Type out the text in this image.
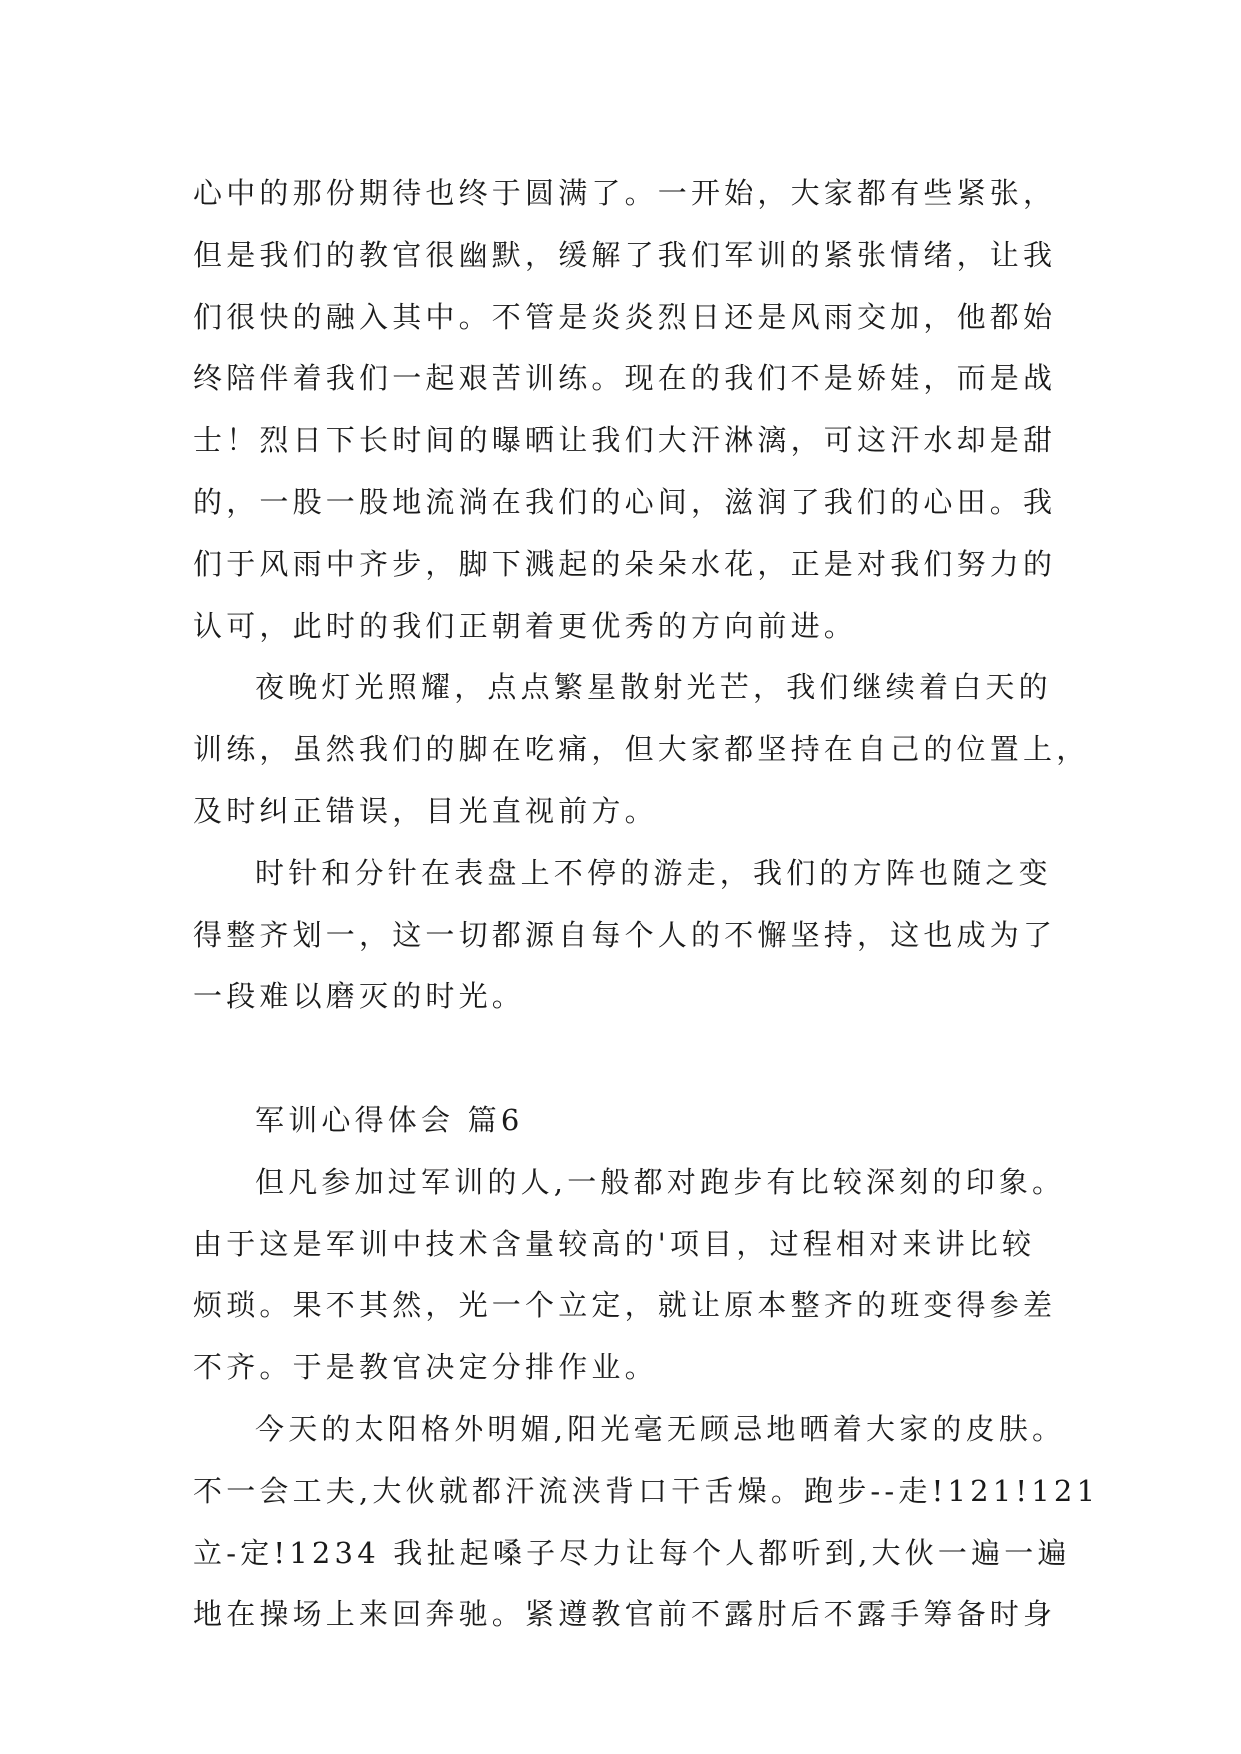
心中的那份期待也终于圆满了。一开始，大家都有些紧张，
但是我们的教官很幽默，缓解了我们军训的紧张情绪，让我
们很快的融入其中。不管是炎炎烈日还是风雨交加，他都始
终陪伴着我们一起艰苦训练。现在的我们不是娇娃，而是战
士！烈日下长时间的曝晒让我们大汗淋漓，可这汗水却是甜
的，一股一股地流淌在我们的心间，滋润了我们的心田。我
们于风雨中齐步，脚下溅起的朵朵水花，正是对我们努力的
认可，此时的我们正朝着更优秀的方向前进。

夜晚灯光照耀，点点繁星散射光芒，我们继续着白天的
训练，虽然我们的脚在吃痛，但大家都坚持在自己的位置上，
及时纠正错误，目光直视前方。

时针和分针在表盘上不停的游走，我们的方阵也随之变
得整齐划一，这一切都源自每个人的不懈坚持，这也成为了
一段难以磨灭的时光。

军训心得体会 篇6

但凡参加过军训的人,一般都对跑步有比较深刻的印象。
由于这是军训中技术含量较高的'项目，过程相对来讲比较
烦琐。果不其然，光一个立定，就让原本整齐的班变得参差
不齐。于是教官决定分排作业。

今天的太阳格外明媚,阳光毫无顾忌地晒着大家的皮肤。
不一会工夫,大伙就都汗流浃背口干舌燥。跑步--走!121!121
立-定!1234 我扯起嗓子尽力让每个人都听到,大伙一遍一遍
地在操场上来回奔驰。紧遵教官前不露肘后不露手筹备时身
